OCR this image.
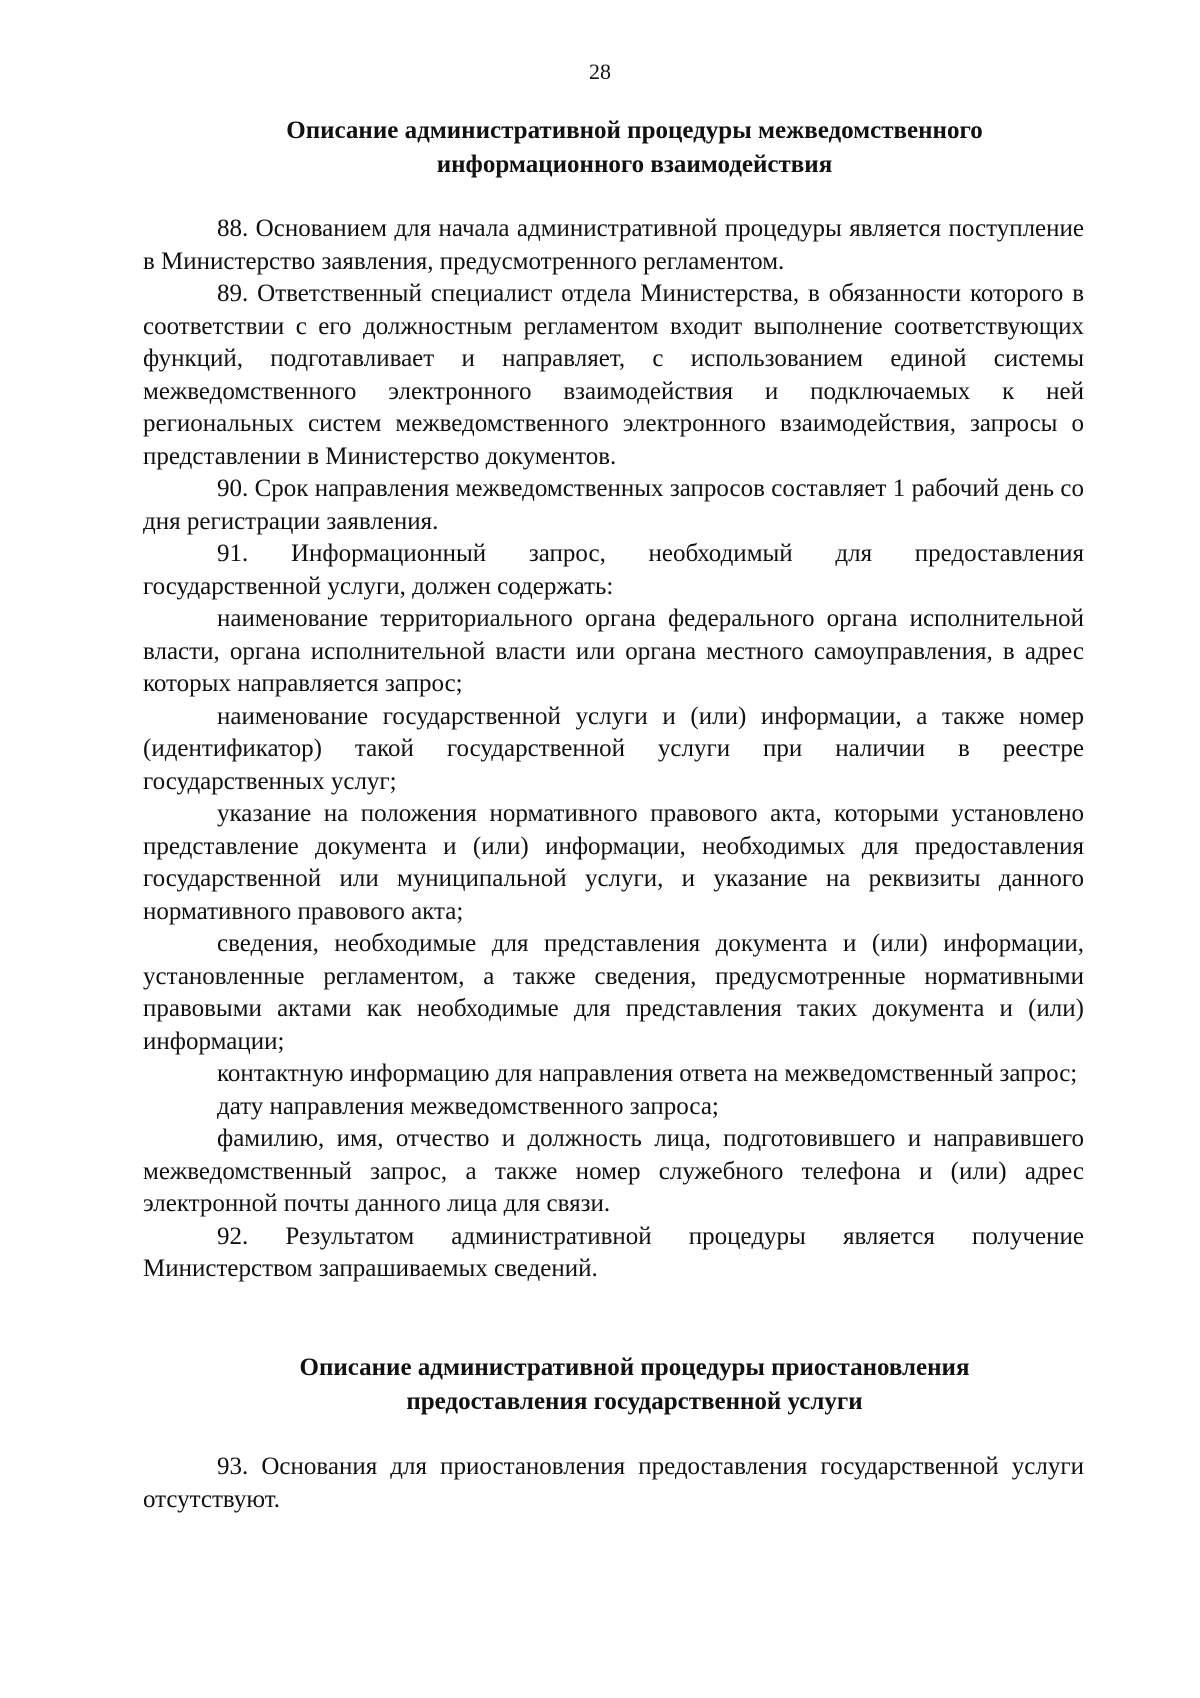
28
Описание административной процедуры межведомственного
информационного взаимодействия

88. Основанием для начала административной процедуры является поступление в Министерство заявления, предусмотренного регламентом.

89. Ответственный специалист отдела Министерства, в обязанности которого в соответствии с его должностным регламентом входит выполнение соответствующих функций, подготавливает и направляет, с использованием единой системы межведомственного электронного взаимодействия и подключаемых к ней региональных систем межведомственного электронного взаимодействия, запросы о представлении в Министерство документов.

90. Срок направления межведомственных запросов составляет 1 рабочий день со дня регистрации заявления.

91. Информационный запрос, необходимый для предоставления государственной услуги, должен содержать:

наименование территориального органа федерального органа исполнительной власти, органа исполнительной власти или органа местного самоуправления, в адрес которых направляется запрос;

наименование государственной услуги и (или) информации, а также номер (идентификатор) такой государственной услуги при наличии в реестре государственных услуг;

указание на положения нормативного правового акта, которыми установлено представление документа и (или) информации, необходимых для предоставления государственной или муниципальной услуги, и указание на реквизиты данного нормативного правового акта;

сведения, необходимые для представления документа и (или) информации, установленные регламентом, а также сведения, предусмотренные нормативными правовыми актами как необходимые для представления таких документа и (или) информации;

контактную информацию для направления ответа на межведомственный запрос;

дату направления межведомственного запроса;

фамилию, имя, отчество и должность лица, подготовившего и направившего межведомственный запрос, а также номер служебного телефона и (или) адрес электронной почты данного лица для связи.

92. Результатом административной процедуры является получение Министерством запрашиваемых сведений.

Описание административной процедуры приостановления
предоставления государственной услуги

93. Основания для приостановления предоставления государственной услуги отсутствуют.
